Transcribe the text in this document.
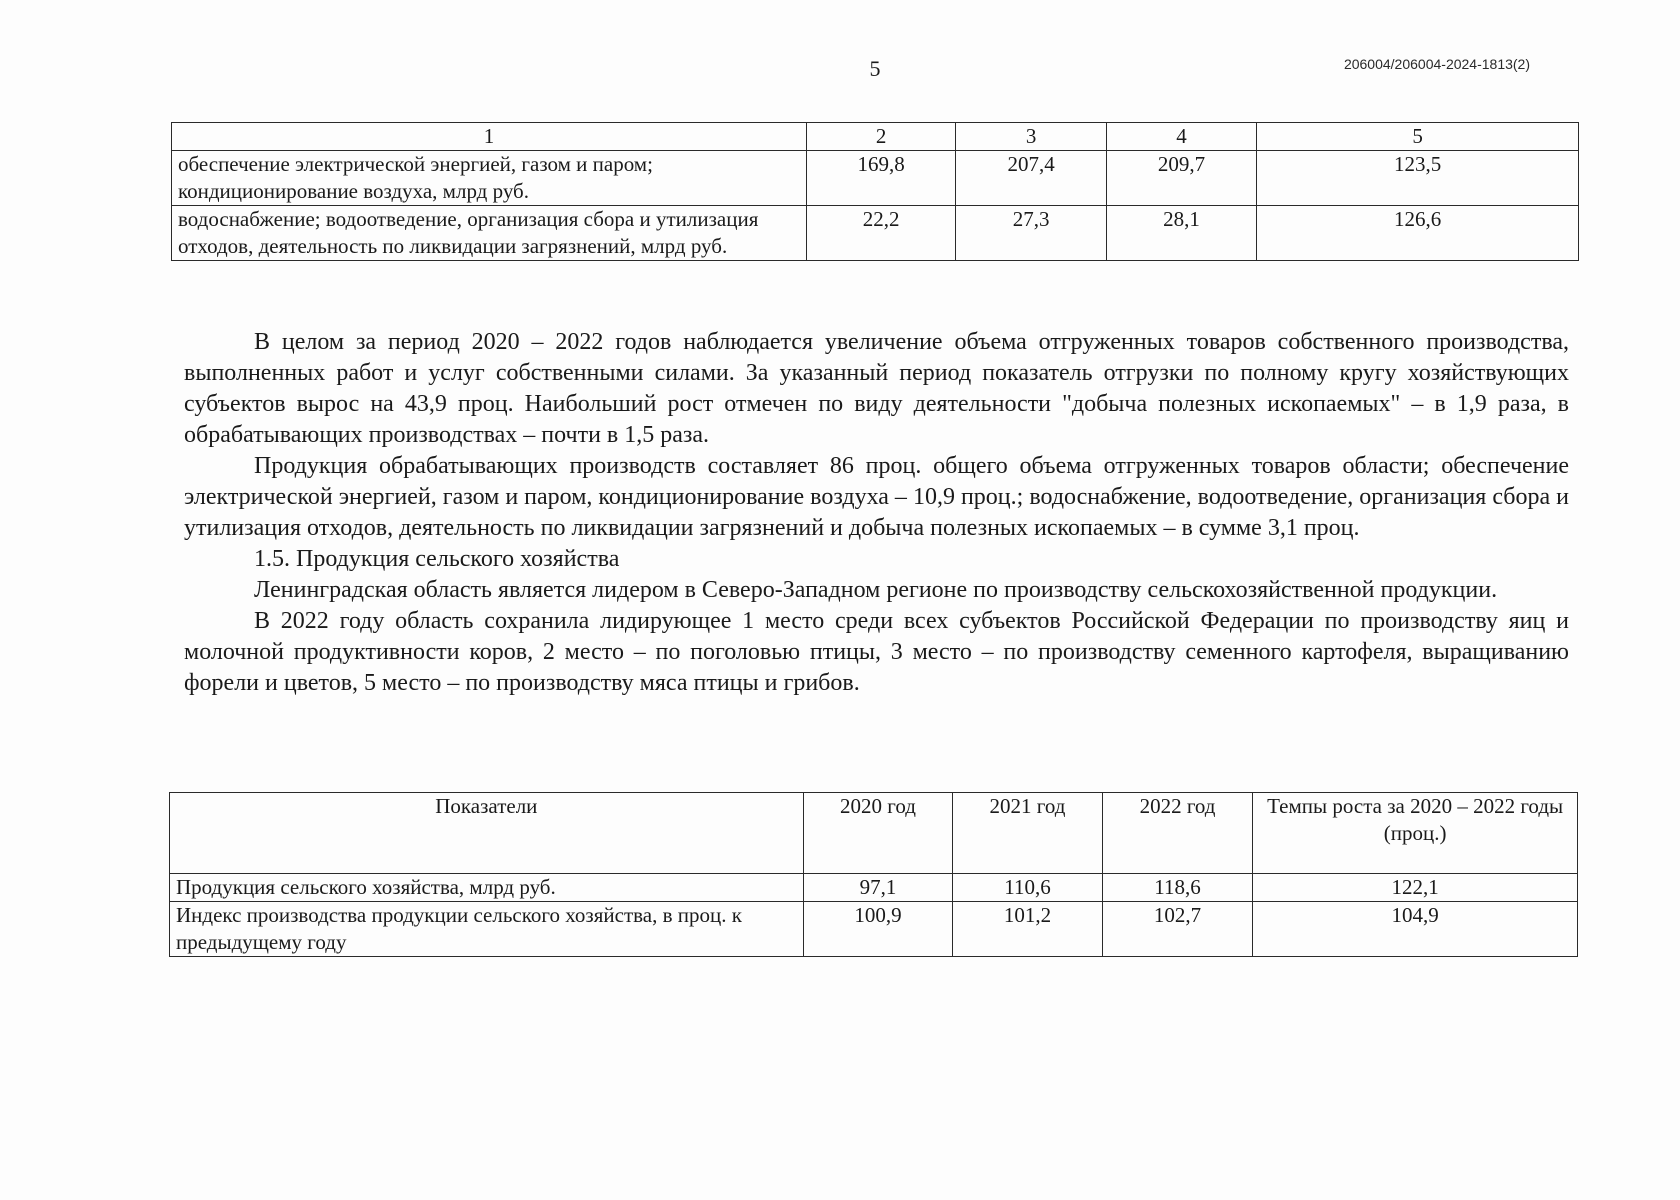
5	206004/206004-2024-1813(2)
1	2	3	4	5
обеспечение электрической энергией, газом и паром; кондиционирование воздуха, млрд руб.	169,8	207,4	209,7	123,5
водоснабжение; водоотведение, организация сбора и утилизация отходов, деятельность по ликвидации загрязнений, млрд руб.	22,2	27,3	28,1	126,6

В целом за период 2020 – 2022 годов наблюдается увеличение объема отгруженных товаров собственного производства, выполненных работ и услуг собственными силами. За указанный период показатель отгрузки по полному кругу хозяйствующих субъектов вырос на 43,9 проц. Наибольший рост отмечен по виду деятельности "добыча полезных ископаемых" – в 1,9 раза, в обрабатывающих производствах – почти в 1,5 раза.

Продукция обрабатывающих производств составляет 86 проц. общего объема отгруженных товаров области; обеспечение электрической энергией, газом и паром, кондиционирование воздуха – 10,9 проц.; водоснабжение, водоотведение, организация сбора и утилизация отходов, деятельность по ликвидации загрязнений и добыча полезных ископаемых – в сумме 3,1 проц.

1.5. Продукция сельского хозяйства

Ленинградская область является лидером в Северо-Западном регионе по производству сельскохозяйственной продукции.

В 2022 году область сохранила лидирующее 1 место среди всех субъектов Российской Федерации по производству яиц и молочной продуктивности коров, 2 место – по поголовью птицы, 3 место – по производству семенного картофеля, выращиванию форели и цветов, 5 место – по производству мяса птицы и грибов.

Показатели	2020 год	2021 год	2022 год	Темпы роста за 2020 – 2022 годы (проц.)
Продукция сельского хозяйства, млрд руб.	97,1	110,6	118,6	122,1
Индекс производства продукции сельского хозяйства, в проц. к предыдущему году	100,9	101,2	102,7	104,9
